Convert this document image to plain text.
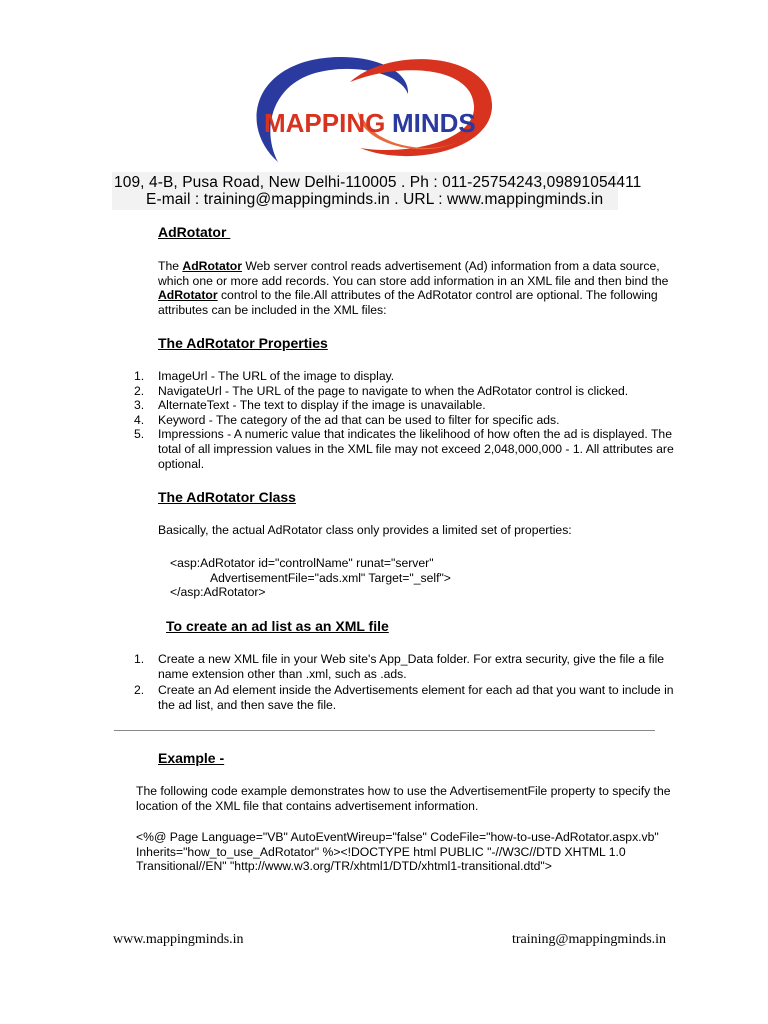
MAPPING MINDS
109, 4-B, Pusa Road, New Delhi-110005 . Ph : 011-25754243,09891054411
E-mail : training@mappingminds.in . URL : www.mappingminds.in
AdRotator
The AdRotator Web server control reads advertisement (Ad) information from a data source, which one or more add records. You can store add information in an XML file and then bind the AdRotator control to the file.All attributes of the AdRotator control are optional. The following attributes can be included in the XML files:
The AdRotator Properties
1. ImageUrl - The URL of the image to display.
2. NavigateUrl - The URL of the page to navigate to when the AdRotator control is clicked.
3. AlternateText - The text to display if the image is unavailable.
4. Keyword - The category of the ad that can be used to filter for specific ads.
5. Impressions - A numeric value that indicates the likelihood of how often the ad is displayed. The total of all impression values in the XML file may not exceed 2,048,000,000 - 1. All attributes are optional.
The AdRotator Class
Basically, the actual AdRotator class only provides a limited set of properties:
<asp:AdRotator id="controlName" runat="server"
AdvertisementFile="ads.xml" Target="_self">
</asp:AdRotator>
To create an ad list as an XML file
1. Create a new XML file in your Web site's App_Data folder. For extra security, give the file a file name extension other than .xml, such as .ads.
2. Create an Ad element inside the Advertisements element for each ad that you want to include in the ad list, and then save the file.
Example -
The following code example demonstrates how to use the AdvertisementFile property to specify the location of the XML file that contains advertisement information.
<%@ Page Language="VB" AutoEventWireup="false" CodeFile="how-to-use-AdRotator.aspx.vb" Inherits="how_to_use_AdRotator" %><!DOCTYPE html PUBLIC "-//W3C//DTD XHTML 1.0 Transitional//EN" "http://www.w3.org/TR/xhtml1/DTD/xhtml1-transitional.dtd">
www.mappingminds.in	training@mappingminds.in
